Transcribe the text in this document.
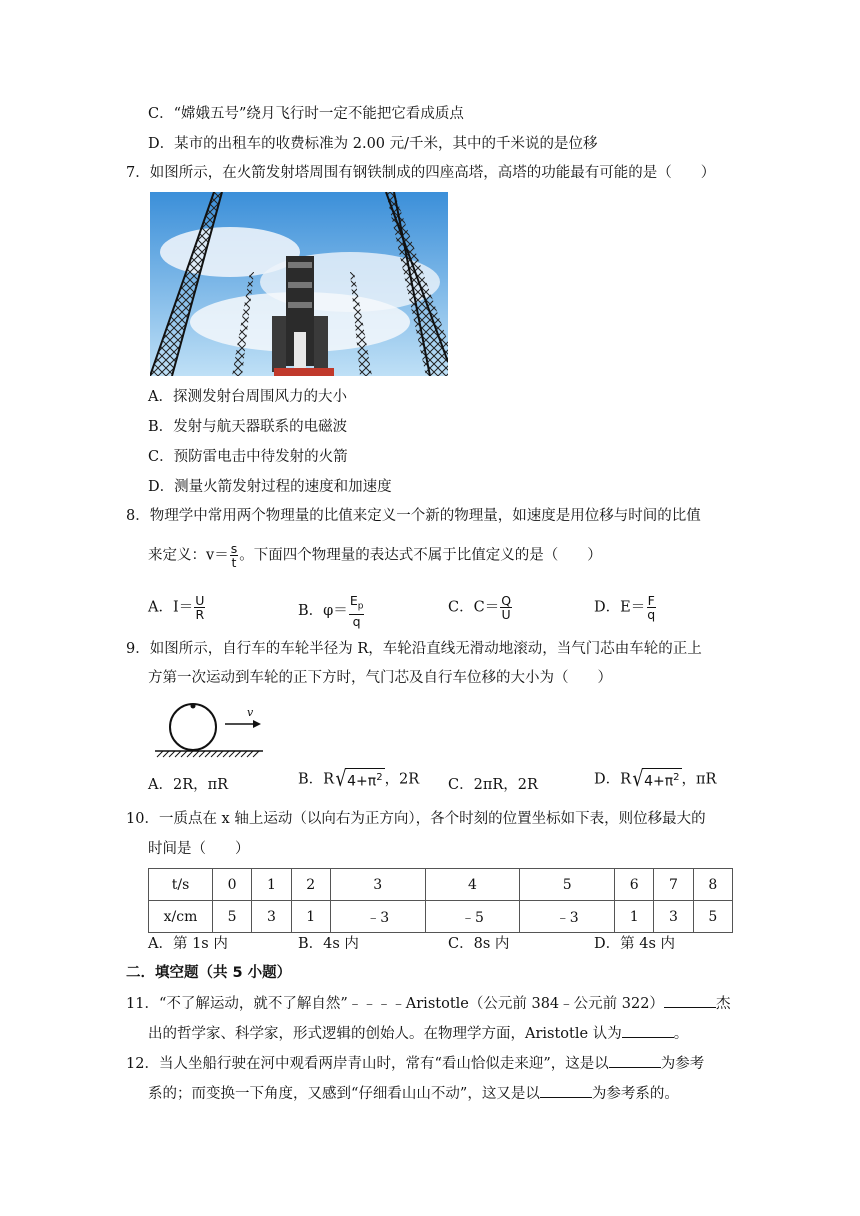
C．“嫦娥五号”绕月飞行时一定不能把它看成质点
D．某市的出租车的收费标准为 2.00 元/千米，其中的千米说的是位移
7．如图所示，在火箭发射塔周围有钢铁制成的四座高塔，高塔的功能最有可能的是（　　）
A．探测发射台周围风力的大小
B．发射与航天器联系的电磁波
C．预防雷电击中待发射的火箭
D．测量火箭发射过程的速度和加速度
8．物理学中常用两个物理量的比值来定义一个新的物理量，如速度是用位移与时间的比值
来定义：$v= \frac{s}{t}$ 。下面四个物理量的表达式不属于比值定义的是（　　）
A．$I= \frac{U}{R}$	B．$\varphi= \frac{E_p}{q}$	C．$C= \frac{Q}{U}$	D．$E= \frac{F}{q}$
9．如图所示，自行车的车轮半径为 R，车轮沿直线无滑动地滚动，当气门芯由车轮的正上
方第一次运动到车轮的正下方时，气门芯及自行车位移的大小为（　　）
v
A．2R，πR	B．R √ $4+\pi^2$ ，2R C．2πR，2R	D．R √ $4+\pi^2$ ，πR
10．一质点在 x 轴上运动（以向右为正方向），各个时刻的位置坐标如下表，则位移最大的
时间是（　　）
t/s	0	1	2	3	4	5	6	7	8
x/cm	5	3	1	﹣3	﹣5	﹣3	1	3	5
A．第 1s 内	B．4s 内	C．8s 内	D．第 4s 内
二．填空题（共 5 小题）
11．“不了解运动，就不了解自然”﹣﹣﹣﹣Aristotle（公元前 384﹣公元前 322）	杰
出的哲学家、科学家，形式逻辑的创始人。在物理学方面，Aristotle 认为	。
12．当人坐船行驶在河中观看两岸青山时，常有“看山恰似走来迎”，这是以	为参考
系的；而变换一下角度，又感到“仔细看山山不动”，这又是以	为参考系的。
